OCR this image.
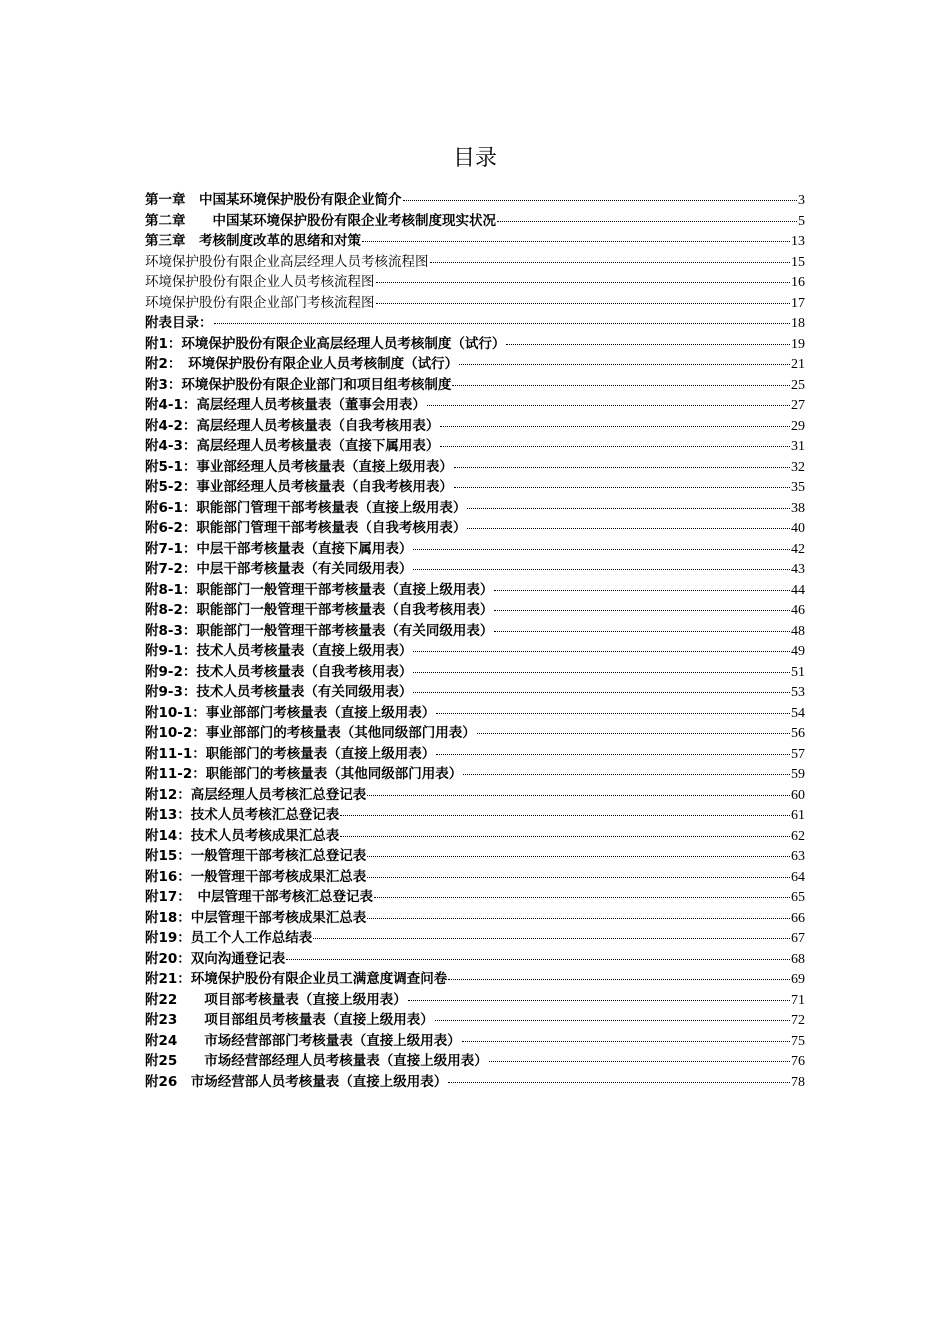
目录
第一章　中国某环境保护股份有限企业简介	3
第二章　　中国某环境保护股份有限企业考核制度现实状况	5
第三章　考核制度改革的思绪和对策	13
环境保护股份有限企业高层经理人员考核流程图	15
环境保护股份有限企业人员考核流程图	16
环境保护股份有限企业部门考核流程图	17
附表目录：	18
附1：环境保护股份有限企业高层经理人员考核制度（试行）	19
附2：　环境保护股份有限企业人员考核制度（试行）	21
附3：环境保护股份有限企业部门和项目组考核制度	25
附4-1：高层经理人员考核量表（董事会用表）	27
附4-2：高层经理人员考核量表（自我考核用表）	29
附4-3：高层经理人员考核量表（直接下属用表）	31
附5-1：事业部经理人员考核量表（直接上级用表）	32
附5-2：事业部经理人员考核量表（自我考核用表）	35
附6-1：职能部门管理干部考核量表（直接上级用表）	38
附6-2：职能部门管理干部考核量表（自我考核用表）	40
附7-1：中层干部考核量表（直接下属用表）	42
附7-2：中层干部考核量表（有关同级用表）	43
附8-1：职能部门一般管理干部考核量表（直接上级用表）	44
附8-2：职能部门一般管理干部考核量表（自我考核用表）	46
附8-3：职能部门一般管理干部考核量表（有关同级用表）	48
附9-1：技术人员考核量表（直接上级用表）	49
附9-2：技术人员考核量表（自我考核用表）	51
附9-3：技术人员考核量表（有关同级用表）	53
附10-1：事业部部门考核量表（直接上级用表）	54
附10-2：事业部部门的考核量表（其他同级部门用表）	56
附11-1：职能部门的考核量表（直接上级用表）	57
附11-2：职能部门的考核量表（其他同级部门用表）	59
附12：高层经理人员考核汇总登记表	60
附13：技术人员考核汇总登记表	61
附14：技术人员考核成果汇总表	62
附15：一般管理干部考核汇总登记表	63
附16：一般管理干部考核成果汇总表	64
附17：　中层管理干部考核汇总登记表	65
附18：中层管理干部考核成果汇总表	66
附19：员工个人工作总结表	67
附20：双向沟通登记表	68
附21：环境保护股份有限企业员工满意度调查问卷	69
附22　　项目部考核量表（直接上级用表）	71
附23　　项目部组员考核量表（直接上级用表）	72
附24　　市场经营部部门考核量表（直接上级用表）	75
附25　　市场经营部经理人员考核量表（直接上级用表）	76
附26　市场经营部人员考核量表（直接上级用表）	78
